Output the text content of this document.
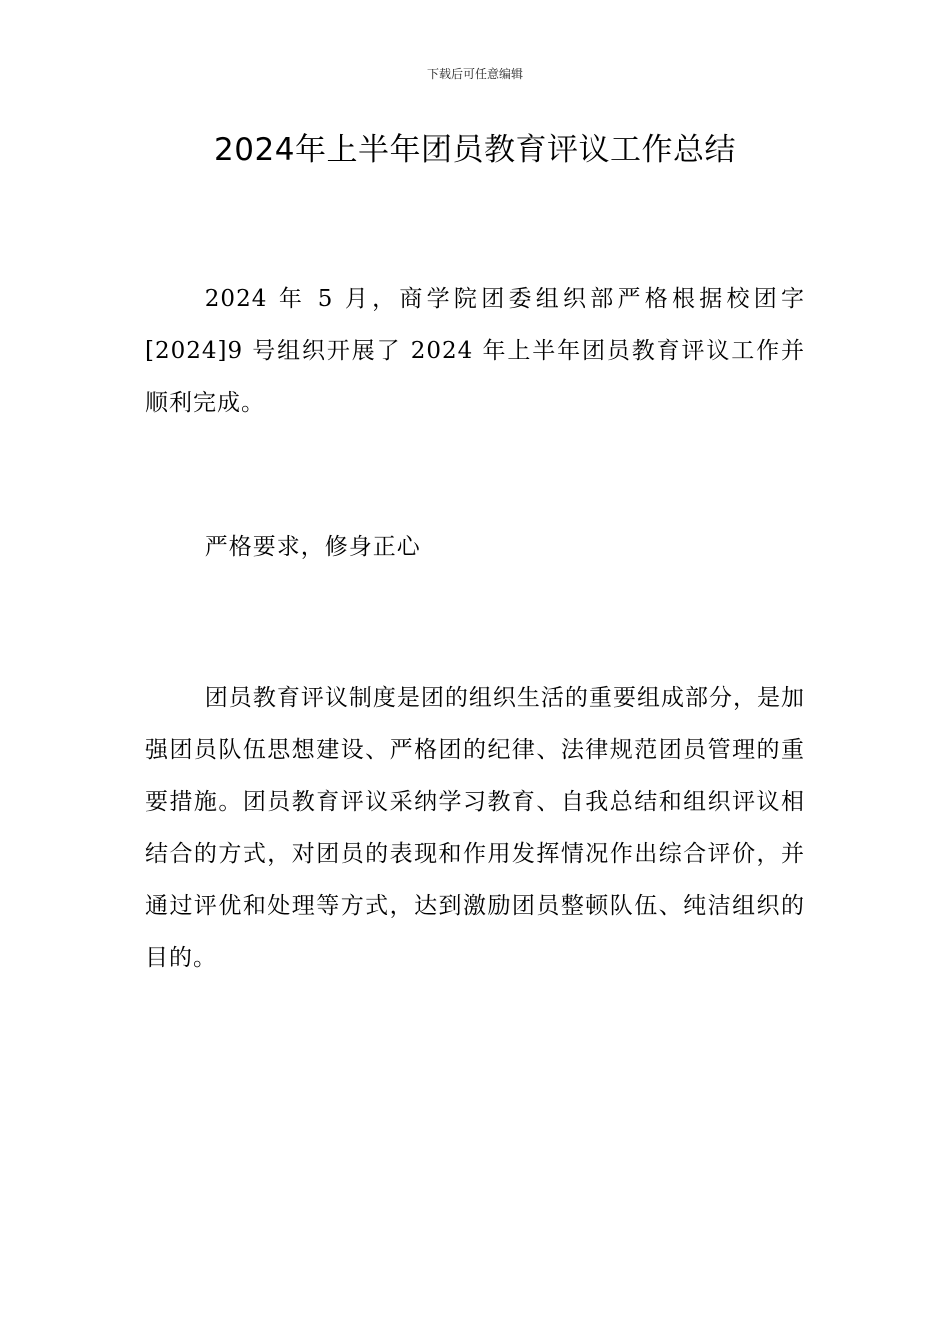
下载后可任意编辑
2024年上半年团员教育评议工作总结

2024 年 5 月，商学院团委组织部严格根据校团字[2024]9 号组织开展了 2024 年上半年团员教育评议工作并顺利完成。

严格要求，修身正心

团员教育评议制度是团的组织生活的重要组成部分，是加强团员队伍思想建设、严格团的纪律、法律规范团员管理的重要措施。团员教育评议采纳学习教育、自我总结和组织评议相结合的方式，对团员的表现和作用发挥情况作出综合评价，并通过评优和处理等方式，达到激励团员整顿队伍、纯洁组织的目的。
